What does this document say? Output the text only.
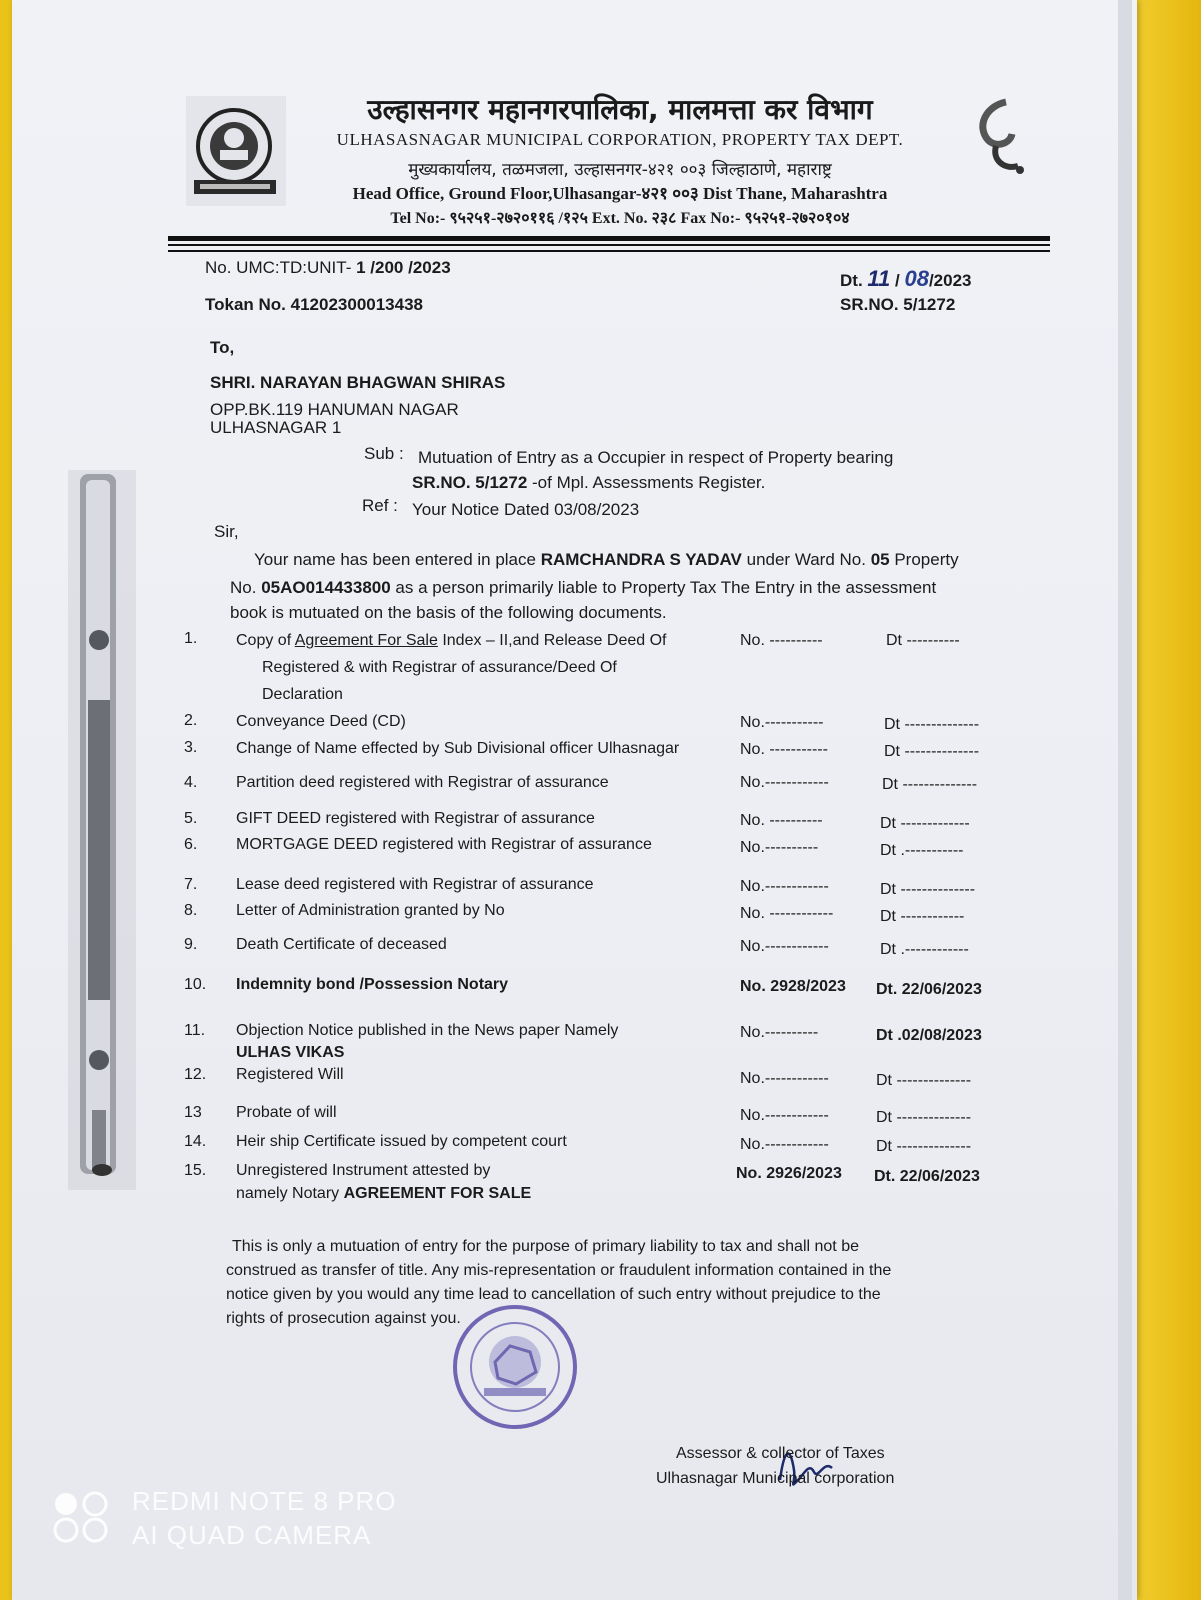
उल्हासनगर महानगरपालिका, मालमत्ता कर विभाग
ULHASASNAGAR MUNICIPAL CORPORATION, PROPERTY TAX DEPT.
मुख्यकार्यालय, तळमजला, उल्हासनगर-४२१ ००३ जिल्हाठाणे, महाराष्ट्र
Head Office, Ground Floor,Ulhasangar-४२१ ००३ Dist Thane, Maharashtra
Tel No:- ९५२५१-२७२०११६ /१२५ Ext. No. २३८ Fax No:- ९५२५१-२७२०१०४
No. UMC:TD:UNIT- 1 /200 /2023
Tokan No. 41202300013438
Dt. 11 / 08/2023
SR.NO. 5/1272
To,
SHRI. NARAYAN BHAGWAN SHIRAS
OPP.BK.119 HANUMAN NAGAR
ULHASNAGAR 1
Sub : Mutuation of Entry as a Occupier in respect of Property bearing
SR.NO. 5/1272 -of Mpl. Assessments Register.
Ref : Your Notice Dated 03/08/2023
Sir,
Your name has been entered in place RAMCHANDRA S YADAV under Ward No. 05 Property
No. 05AO014433800 as a person primarily liable to Property Tax The Entry in the assessment
book is mutuated on the basis of the following documents.
1. Copy of Agreement For Sale Index – II,and Release Deed Of
Registered & with Registrar of assurance/Deed Of
Declaration
No. ----------	Dt ----------
2. Conveyance Deed (CD)	No.-----------	Dt --------------
3. Change of Name effected by Sub Divisional officer Ulhasnagar	No. -----------	Dt --------------
4. Partition deed registered with Registrar of assurance	No.------------	Dt --------------
5. GIFT DEED registered with Registrar of assurance	No. ----------	Dt -------------
6. MORTGAGE DEED registered with Registrar of assurance	No.----------	Dt .-----------
7. Lease deed registered with Registrar of assurance	No.------------	Dt --------------
8. Letter of Administration granted by No	No. ------------	Dt ------------
9. Death Certificate of deceased	No.------------	Dt .------------
10. Indemnity bond /Possession Notary	No. 2928/2023 Dt. 22/06/2023
11. Objection Notice published in the News paper Namely
ULHAS VIKAS
No.----------	Dt .02/08/2023
12. Registered Will	No.------------	Dt --------------
13 Probate of will	No.------------	Dt --------------
14. Heir ship Certificate issued by competent court	No.------------	Dt --------------
15. Unregistered Instrument attested by
namely Notary AGREEMENT FOR SALE
No. 2926/2023 Dt. 22/06/2023
This is only a mutuation of entry for the purpose of primary liability to tax and shall not be
construed as transfer of title. Any mis-representation or fraudulent information contained in the
notice given by you would any time lead to cancellation of such entry without prejudice to the
rights of prosecution against you.
Assessor & collector of Taxes
Ulhasnagar Municipal corporation
REDMI NOTE 8 PRO
AI QUAD CAMERA
